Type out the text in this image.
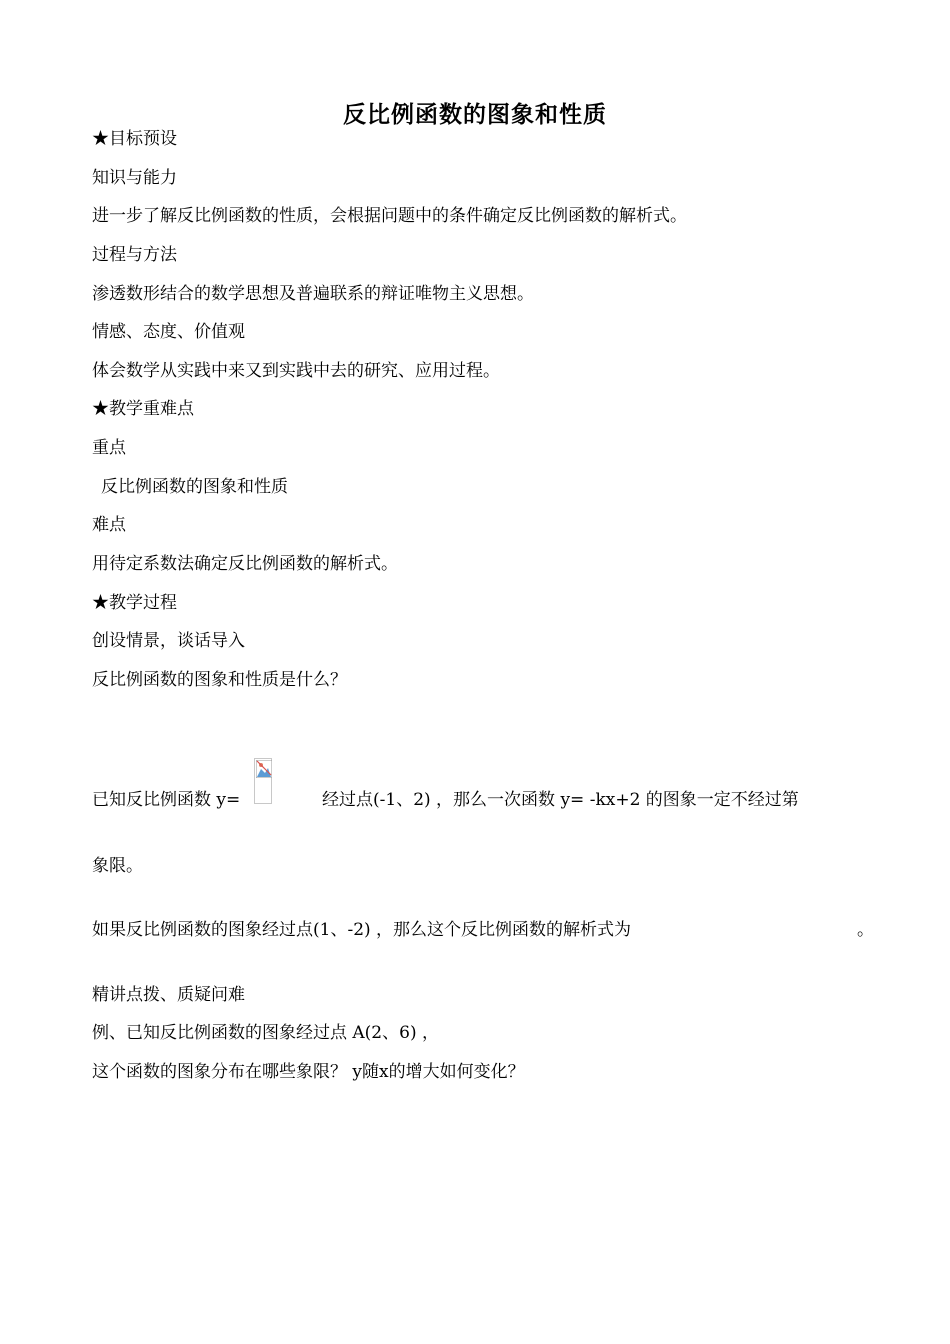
反比例函数的图象和性质
★目标预设
知识与能力
进一步了解反比例函数的性质，会根据问题中的条件确定反比例函数的解析式。
过程与方法
渗透数形结合的数学思想及普遍联系的辩证唯物主义思想。
情感、态度、价值观
体会数学从实践中来又到实践中去的研究、应用过程。
★教学重难点
重点
反比例函数的图象和性质
难点
用待定系数法确定反比例函数的解析式。
★教学过程
创设情景，谈话导入
反比例函数的图象和性质是什么？
已知反比例函数 y=	经过点(-1、2) ，那么一次函数 y= -kx+2 的图象一定不经过第
象限。
如果反比例函数的图象经过点(1、-2) ，那么这个反比例函数的解析式为	。
精讲点拨、质疑问难
例、已知反比例函数的图象经过点 A(2、6) ，
这个函数的图象分布在哪些象限？ y随x的增大如何变化？
